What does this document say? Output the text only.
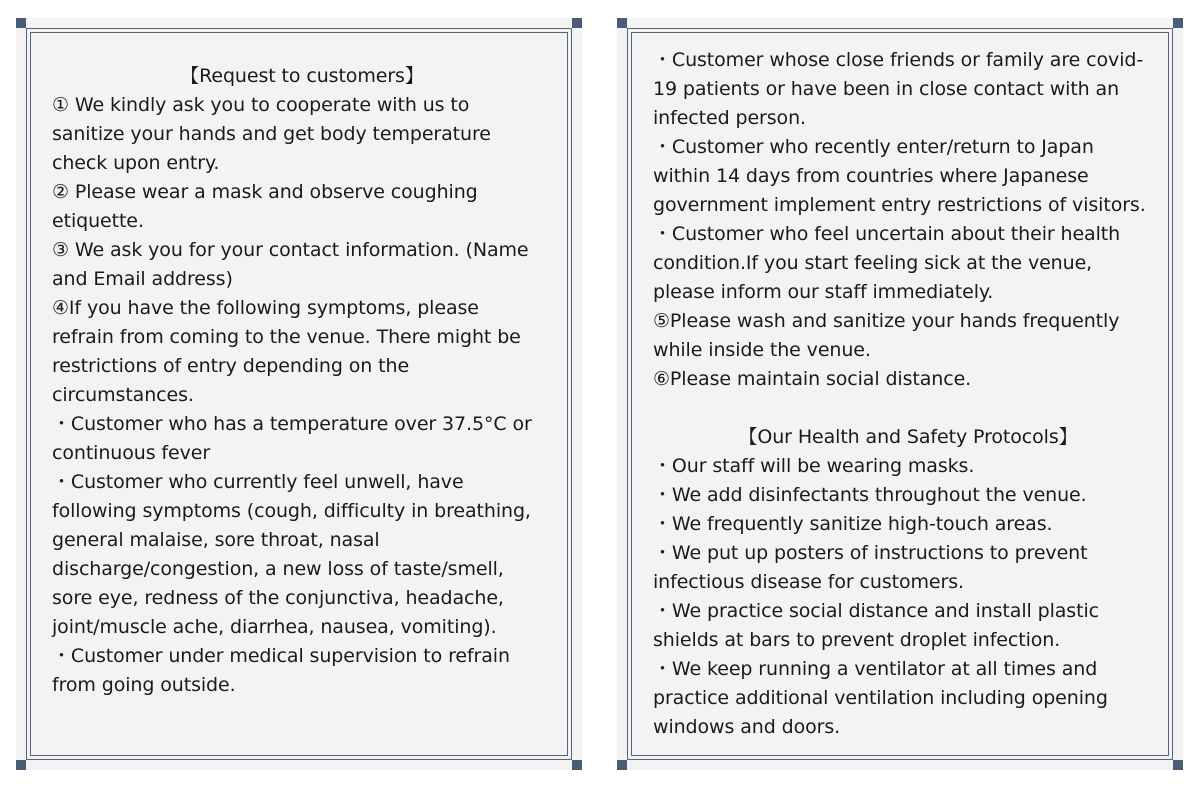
【Request to customers】
① We kindly ask you to cooperate with us to
sanitize your hands and get body temperature
check upon entry.
② Please wear a mask and observe coughing
etiquette.
③ We ask you for your contact information. (Name
and Email address)
④If you have the following symptoms, please
refrain from coming to the venue. There might be
restrictions of entry depending on the
circumstances.
・Customer who has a temperature over 37.5°C or
continuous fever
・Customer who currently feel unwell, have
following symptoms (cough, difficulty in breathing,
general malaise, sore throat, nasal
discharge/congestion, a new loss of taste/smell,
sore eye, redness of the conjunctiva, headache,
joint/muscle ache, diarrhea, nausea, vomiting).
・Customer under medical supervision to refrain
from going outside.
・Customer whose close friends or family are covid-
19 patients or have been in close contact with an
infected person.
・Customer who recently enter/return to Japan
within 14 days from countries where Japanese
government implement entry restrictions of visitors.
・Customer who feel uncertain about their health
condition.If you start feeling sick at the venue,
please inform our staff immediately.
⑤Please wash and sanitize your hands frequently
while inside the venue.
⑥Please maintain social distance.
【Our Health and Safety Protocols】
・Our staff will be wearing masks.
・We add disinfectants throughout the venue.
・We frequently sanitize high-touch areas.
・We put up posters of instructions to prevent
infectious disease for customers.
・We practice social distance and install plastic
shields at bars to prevent droplet infection.
・We keep running a ventilator at all times and
practice additional ventilation including opening
windows and doors.
